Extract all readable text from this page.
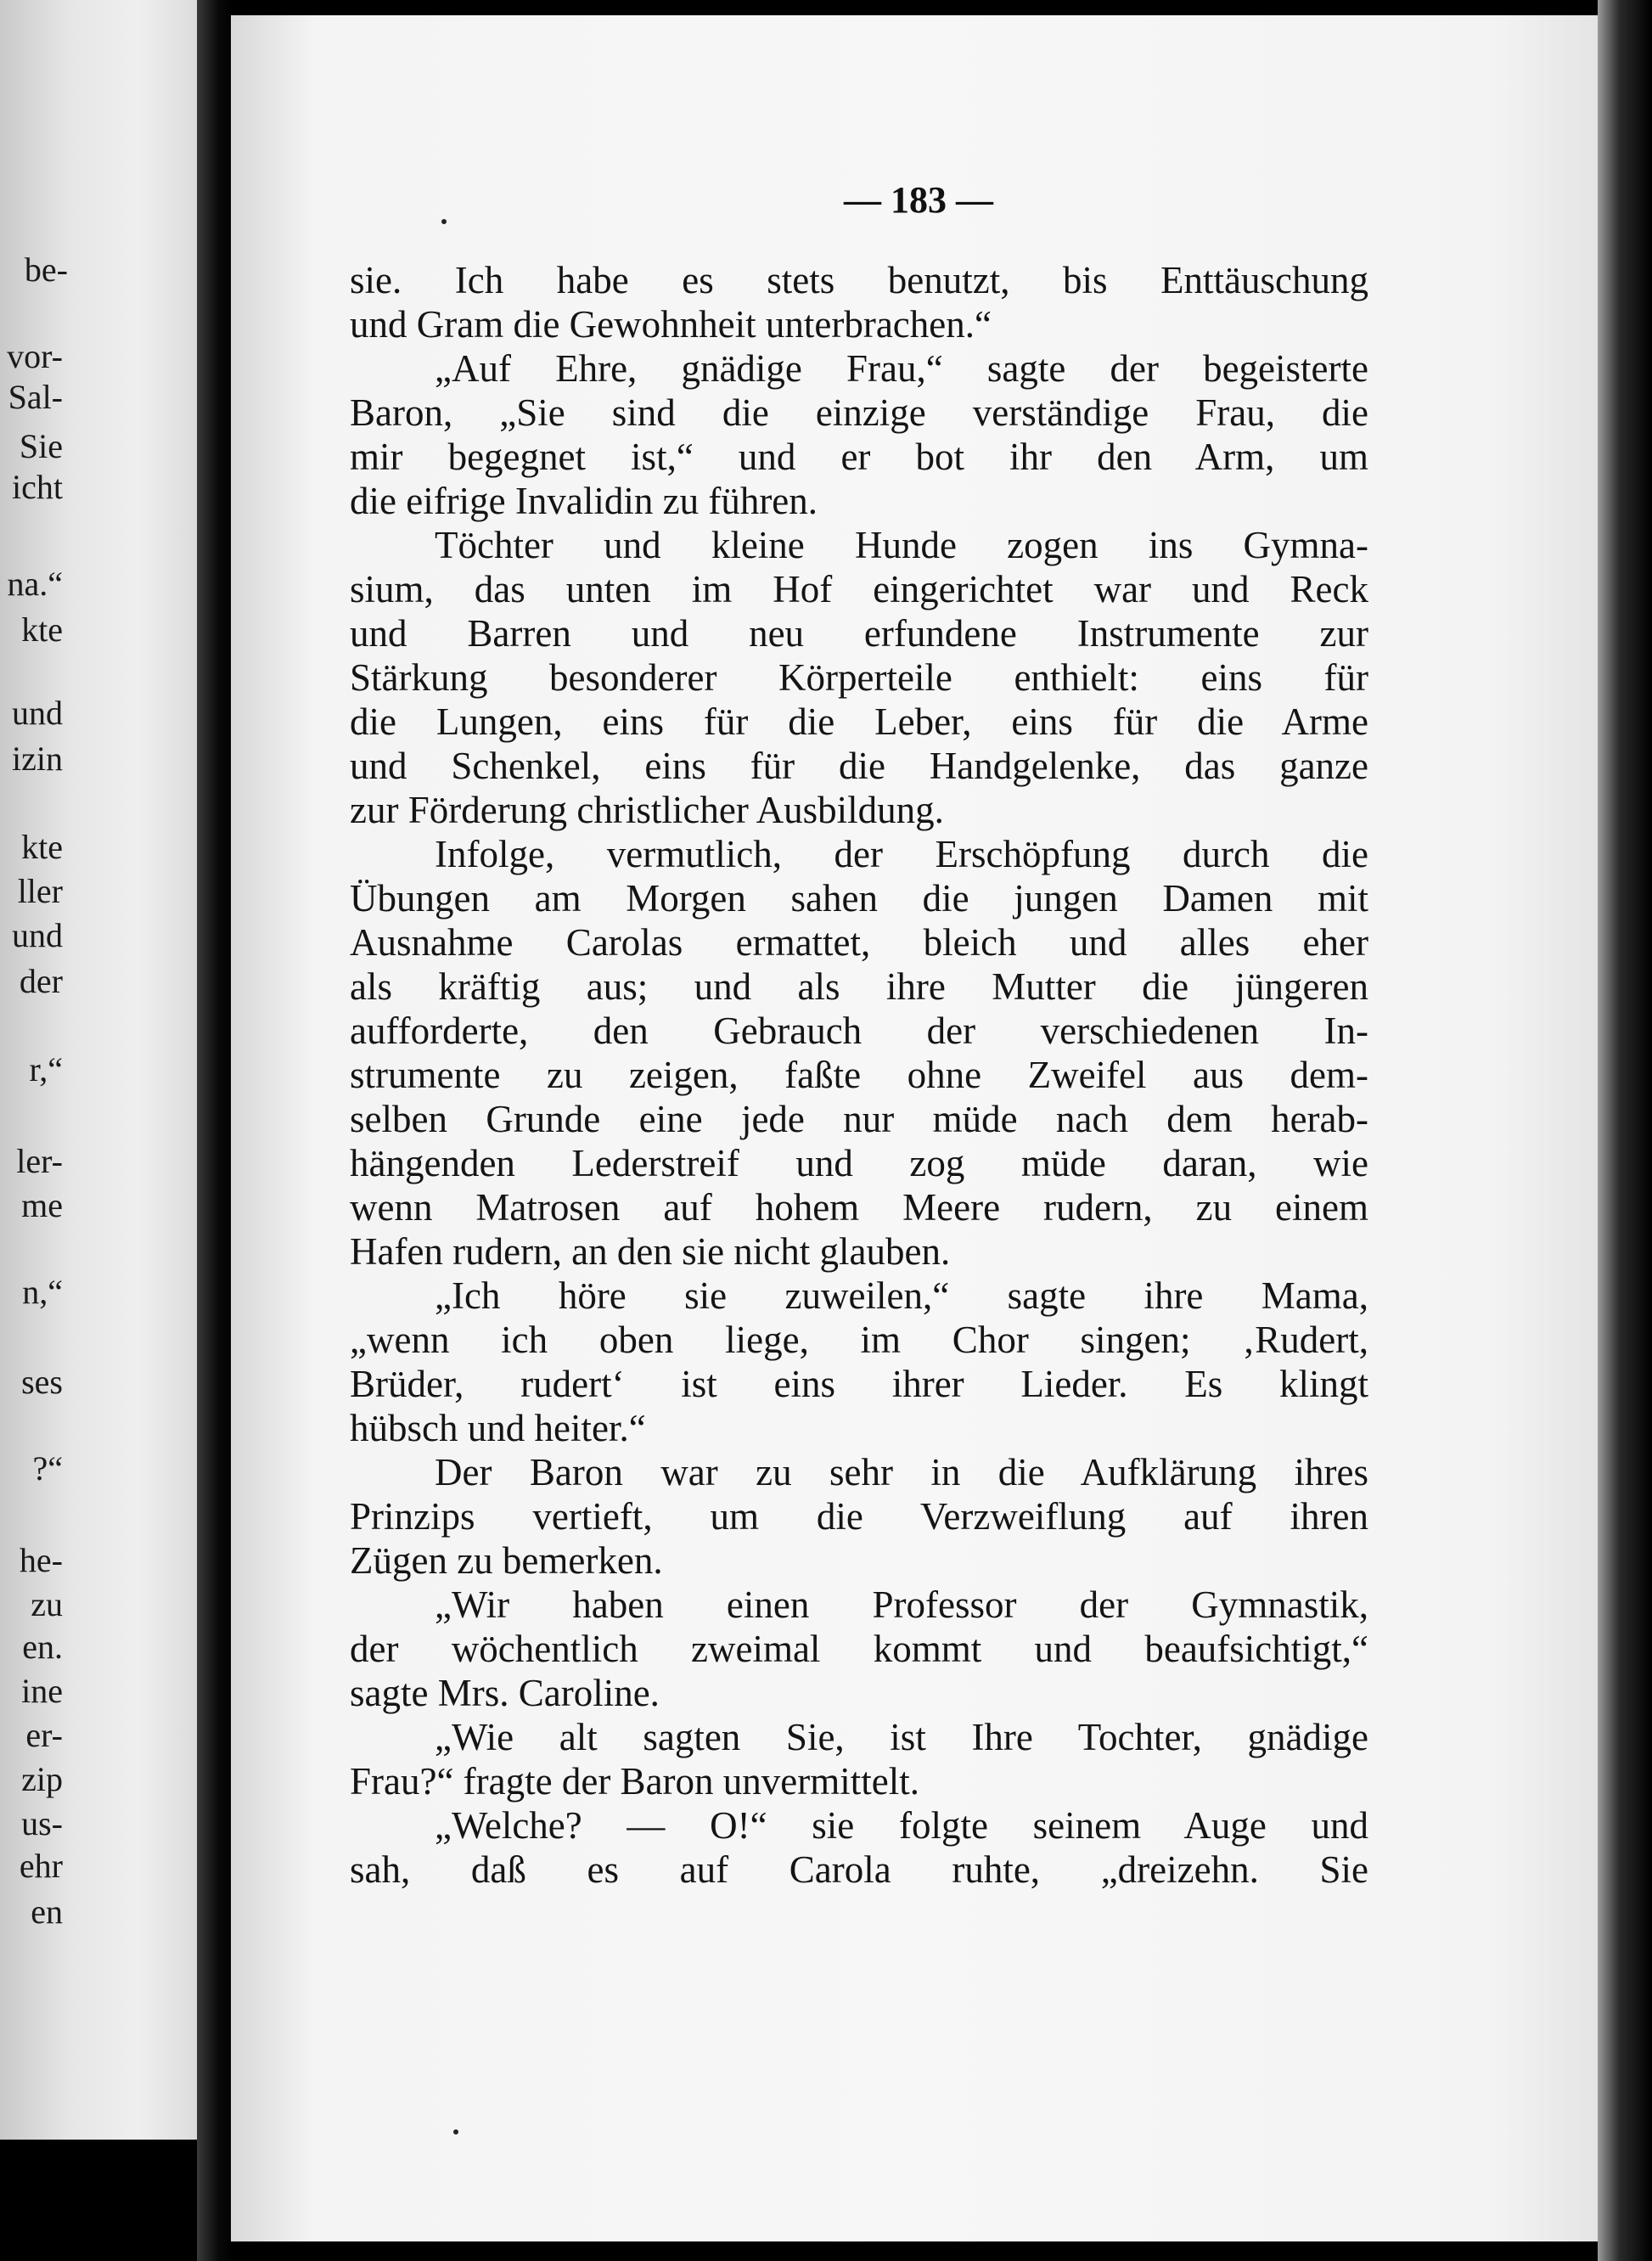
be-
vor-
Sal-
Sie
icht
na.“
kte
und
izin
kte
ller
und
der
r,“
ler-
me
n,“
ses
?“
he-
zu
en.
ine
er-
zip
us-
ehr
en
— 183 —
sie. Ich habe es stets benutzt, bis Enttäuschung
und Gram die Gewohnheit unterbrachen.“
„Auf Ehre, gnädige Frau,“ sagte der begeisterte
Baron, „Sie sind die einzige verständige Frau, die
mir begegnet ist,“ und er bot ihr den Arm, um
die eifrige Invalidin zu führen.
Töchter und kleine Hunde zogen ins Gymna-
sium, das unten im Hof eingerichtet war und Reck
und Barren und neu erfundene Instrumente zur
Stärkung besonderer Körperteile enthielt: eins für
die Lungen, eins für die Leber, eins für die Arme
und Schenkel, eins für die Handgelenke, das ganze
zur Förderung christlicher Ausbildung.
Infolge, vermutlich, der Erschöpfung durch die
Übungen am Morgen sahen die jungen Damen mit
Ausnahme Carolas ermattet, bleich und alles eher
als kräftig aus; und als ihre Mutter die jüngeren
aufforderte, den Gebrauch der verschiedenen In-
strumente zu zeigen, faßte ohne Zweifel aus dem-
selben Grunde eine jede nur müde nach dem herab-
hängenden Lederstreif und zog müde daran, wie
wenn Matrosen auf hohem Meere rudern, zu einem
Hafen rudern, an den sie nicht glauben.
„Ich höre sie zuweilen,“ sagte ihre Mama,
„wenn ich oben liege, im Chor singen; ‚Rudert,
Brüder, rudert‘ ist eins ihrer Lieder. Es klingt
hübsch und heiter.“
Der Baron war zu sehr in die Aufklärung ihres
Prinzips vertieft, um die Verzweiflung auf ihren
Zügen zu bemerken.
„Wir haben einen Professor der Gymnastik,
der wöchentlich zweimal kommt und beaufsichtigt,“
sagte Mrs. Caroline.
„Wie alt sagten Sie, ist Ihre Tochter, gnädige
Frau?“ fragte der Baron unvermittelt.
„Welche? — O!“ sie folgte seinem Auge und
sah, daß es auf Carola ruhte, „dreizehn. Sie
